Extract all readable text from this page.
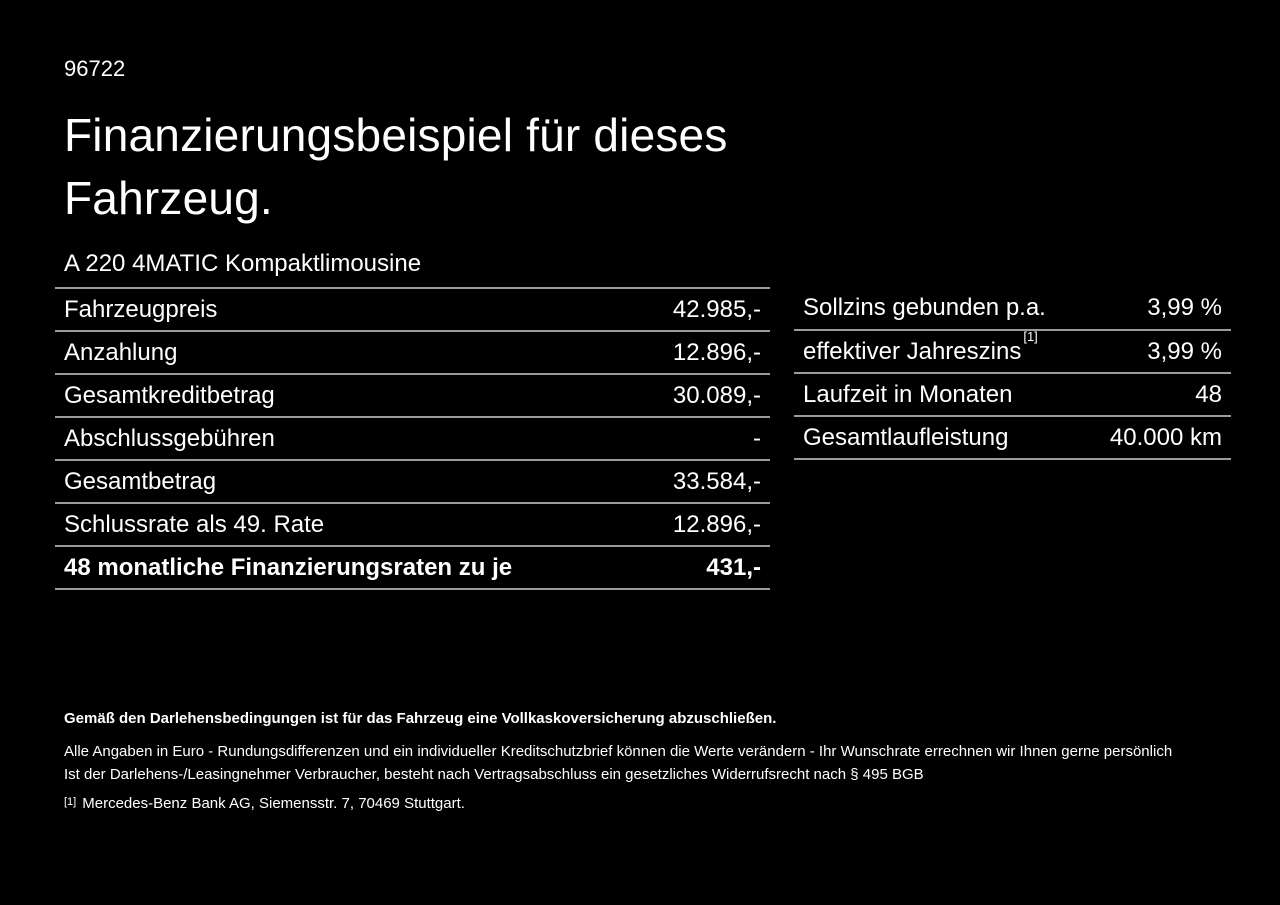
96722
Finanzierungsbeispiel für dieses Fahrzeug.
A 220 4MATIC Kompaktlimousine
Fahrzeugpreis	42.985,-
Anzahlung	12.896,-
Gesamtkreditbetrag	30.089,-
Abschlussgebühren	-
Gesamtbetrag	33.584,-
Schlussrate als 49. Rate	12.896,-
48 monatliche Finanzierungsraten zu je	431,-
Sollzins gebunden p.a.	3,99 %
effektiver Jahreszins[1]	3,99 %
Laufzeit in Monaten	48
Gesamtlaufleistung	40.000 km
Gemäß den Darlehensbedingungen ist für das Fahrzeug eine Vollkaskoversicherung abzuschließen.
Alle Angaben in Euro - Rundungsdifferenzen und ein individueller Kreditschutzbrief können die Werte verändern - Ihr Wunschrate errechnen wir Ihnen gerne persönlich
Ist der Darlehens-/Leasingnehmer Verbraucher, besteht nach Vertragsabschluss ein gesetzliches Widerrufsrecht nach § 495 BGB
[1] Mercedes-Benz Bank AG, Siemensstr. 7, 70469 Stuttgart.
